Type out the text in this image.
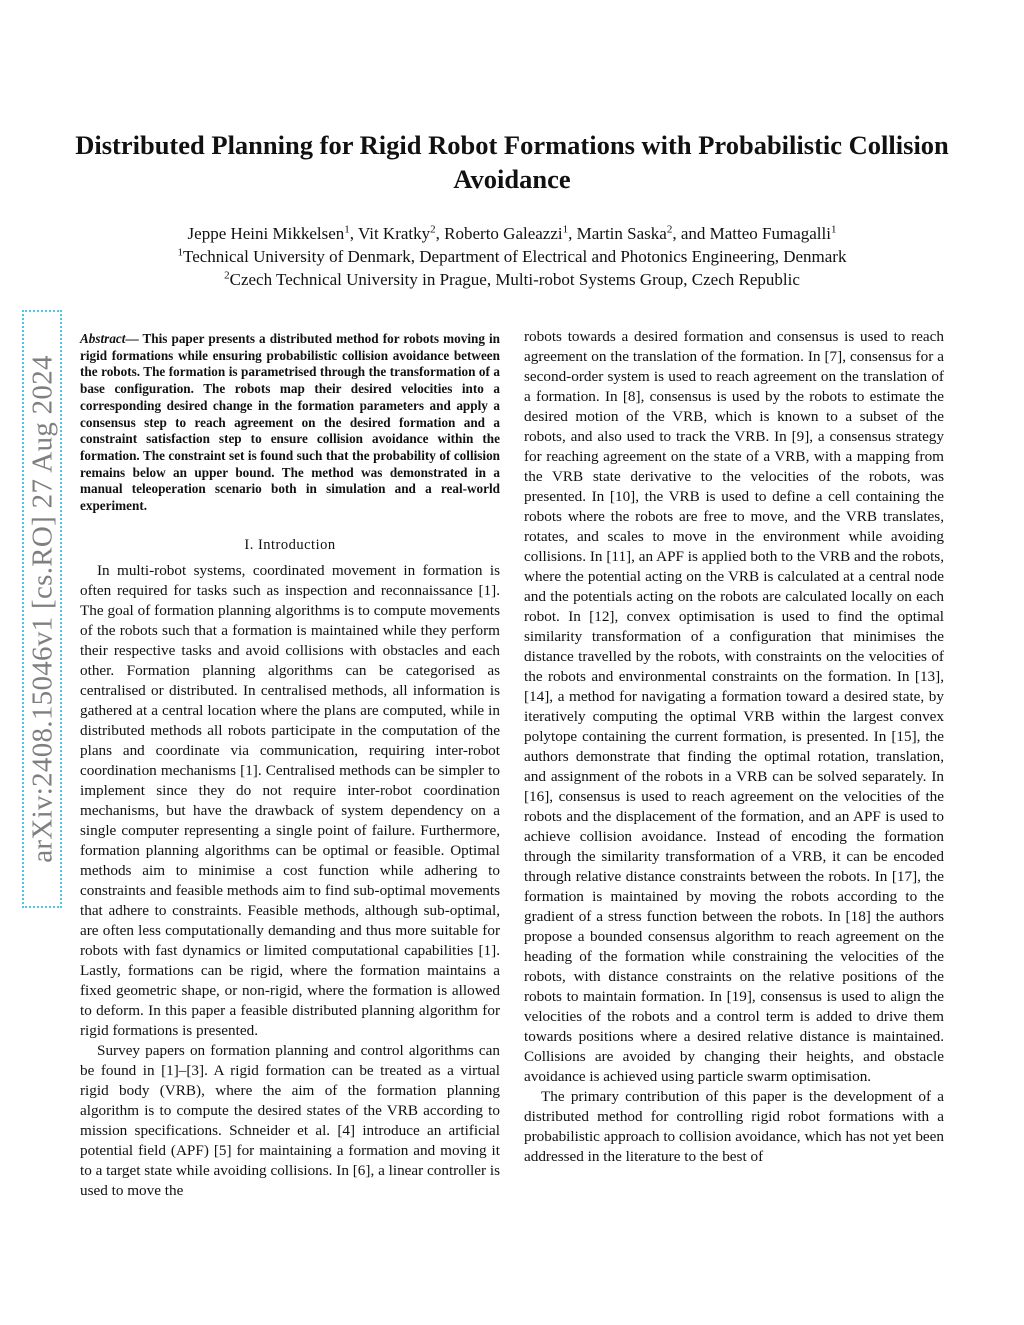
Distributed Planning for Rigid Robot Formations with Probabilistic Collision Avoidance
Jeppe Heini Mikkelsen$^1$, Vit Kratky$^2$, Roberto Galeazzi$^1$, Martin Saska$^2$, and Matteo Fumagalli$^1$
$^1$Technical University of Denmark, Department of Electrical and Photonics Engineering, Denmark
$^2$Czech Technical University in Prague, Multi-robot Systems Group, Czech Republic
arXiv:2408.15046v1 [cs.RO] 27 Aug 2024

Abstract— This paper presents a distributed method for robots moving in rigid formations while ensuring probabilistic collision avoidance between the robots. The formation is parametrised through the transformation of a base configuration. The robots map their desired velocities into a corresponding desired change in the formation parameters and apply a consensus step to reach agreement on the desired formation and a constraint satisfaction step to ensure collision avoidance within the formation. The constraint set is found such that the probability of collision remains below an upper bound. The method was demonstrated in a manual teleoperation scenario both in simulation and a real-world experiment.

I. Introduction

In multi-robot systems, coordinated movement in formation is often required for tasks such as inspection and reconnaissance [1]. The goal of formation planning algorithms is to compute movements of the robots such that a formation is maintained while they perform their respective tasks and avoid collisions with obstacles and each other. Formation planning algorithms can be categorised as centralised or distributed. In centralised methods, all information is gathered at a central location where the plans are computed, while in distributed methods all robots participate in the computation of the plans and coordinate via communication, requiring inter-robot coordination mechanisms [1]. Centralised methods can be simpler to implement since they do not require inter-robot coordination mechanisms, but have the drawback of system dependency on a single computer representing a single point of failure. Furthermore, formation planning algorithms can be optimal or feasible. Optimal methods aim to minimise a cost function while adhering to constraints and feasible methods aim to find sub-optimal movements that adhere to constraints. Feasible methods, although sub-optimal, are often less computationally demanding and thus more suitable for robots with fast dynamics or limited computational capabilities [1]. Lastly, formations can be rigid, where the formation maintains a fixed geometric shape, or non-rigid, where the formation is allowed to deform. In this paper a feasible distributed planning algorithm for rigid formations is presented.

Survey papers on formation planning and control algorithms can be found in [1]–[3]. A rigid formation can be treated as a virtual rigid body (VRB), where the aim of the formation planning algorithm is to compute the desired states of the VRB according to mission specifications. Schneider et al. [4] introduce an artificial potential field (APF) [5] for maintaining a formation and moving it to a target state while avoiding collisions. In [6], a linear controller is used to move the

robots towards a desired formation and consensus is used to reach agreement on the translation of the formation. In [7], consensus for a second-order system is used to reach agreement on the translation of a formation. In [8], consensus is used by the robots to estimate the desired motion of the VRB, which is known to a subset of the robots, and also used to track the VRB. In [9], a consensus strategy for reaching agreement on the state of a VRB, with a mapping from the VRB state derivative to the velocities of the robots, was presented. In [10], the VRB is used to define a cell containing the robots where the robots are free to move, and the VRB translates, rotates, and scales to move in the environment while avoiding collisions. In [11], an APF is applied both to the VRB and the robots, where the potential acting on the VRB is calculated at a central node and the potentials acting on the robots are calculated locally on each robot. In [12], convex optimisation is used to find the optimal similarity transformation of a configuration that minimises the distance travelled by the robots, with constraints on the velocities of the robots and environmental constraints on the formation. In [13], [14], a method for navigating a formation toward a desired state, by iteratively computing the optimal VRB within the largest convex polytope containing the current formation, is presented. In [15], the authors demonstrate that finding the optimal rotation, translation, and assignment of the robots in a VRB can be solved separately. In [16], consensus is used to reach agreement on the velocities of the robots and the displacement of the formation, and an APF is used to achieve collision avoidance. Instead of encoding the formation through the similarity transformation of a VRB, it can be encoded through relative distance constraints between the robots. In [17], the formation is maintained by moving the robots according to the gradient of a stress function between the robots. In [18] the authors propose a bounded consensus algorithm to reach agreement on the heading of the formation while constraining the velocities of the robots, with distance constraints on the relative positions of the robots to maintain formation. In [19], consensus is used to align the velocities of the robots and a control term is added to drive them towards positions where a desired relative distance is maintained. Collisions are avoided by changing their heights, and obstacle avoidance is achieved using particle swarm optimisation.

The primary contribution of this paper is the development of a distributed method for controlling rigid robot formations with a probabilistic approach to collision avoidance, which has not yet been addressed in the literature to the best of
